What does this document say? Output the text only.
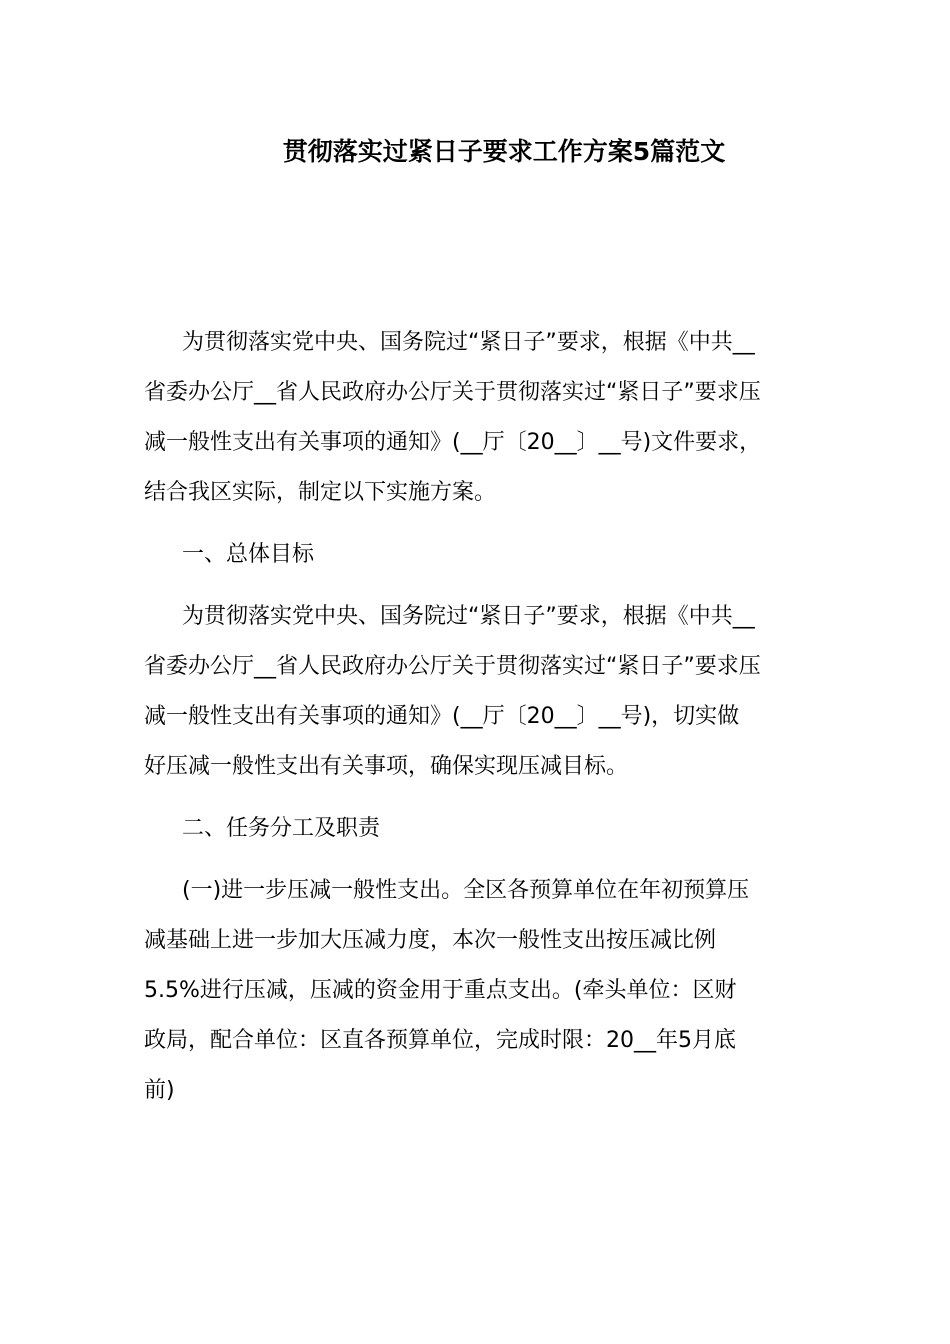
贯彻落实过紧日子要求工作方案5篇范文

为贯彻落实党中央、国务院过“紧日子”要求，根据《中共__
省委办公厅__省人民政府办公厅关于贯彻落实过“紧日子”要求压
减一般性支出有关事项的通知》(__厅〔20__〕__号)文件要求，
结合我区实际，制定以下实施方案。

一、总体目标

为贯彻落实党中央、国务院过“紧日子”要求，根据《中共__
省委办公厅__省人民政府办公厅关于贯彻落实过“紧日子”要求压
减一般性支出有关事项的通知》(__厅〔20__〕__号)，切实做
好压减一般性支出有关事项，确保实现压减目标。

二、任务分工及职责

(一)进一步压减一般性支出。全区各预算单位在年初预算压
减基础上进一步加大压减力度，本次一般性支出按压减比例
5.5%进行压减，压减的资金用于重点支出。(牵头单位：区财
政局，配合单位：区直各预算单位，完成时限：20__年5月底
前)
